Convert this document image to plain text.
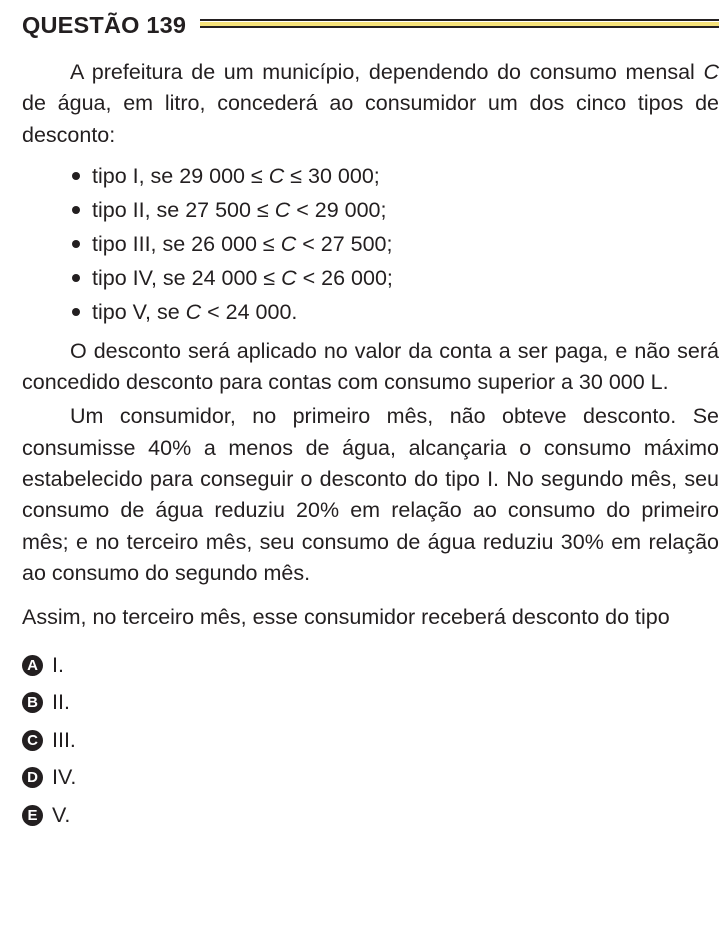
QUESTÃO 139

A prefeitura de um município, dependendo do consumo mensal C de água, em litro, concederá ao consumidor um dos cinco tipos de desconto:

tipo I, se 29 000 ≤ C ≤ 30 000;
tipo II, se 27 500 ≤ C < 29 000;
tipo III, se 26 000 ≤ C < 27 500;
tipo IV, se 24 000 ≤ C < 26 000;
tipo V, se C < 24 000.

O desconto será aplicado no valor da conta a ser paga, e não será concedido desconto para contas com consumo superior a 30 000 L.

Um consumidor, no primeiro mês, não obteve desconto. Se consumisse 40% a menos de água, alcançaria o consumo máximo estabelecido para conseguir o desconto do tipo I. No segundo mês, seu consumo de água reduziu 20% em relação ao consumo do primeiro mês; e no terceiro mês, seu consumo de água reduziu 30% em relação ao consumo do segundo mês.

Assim, no terceiro mês, esse consumidor receberá desconto do tipo

A I.
B II.
C III.
D IV.
E V.
